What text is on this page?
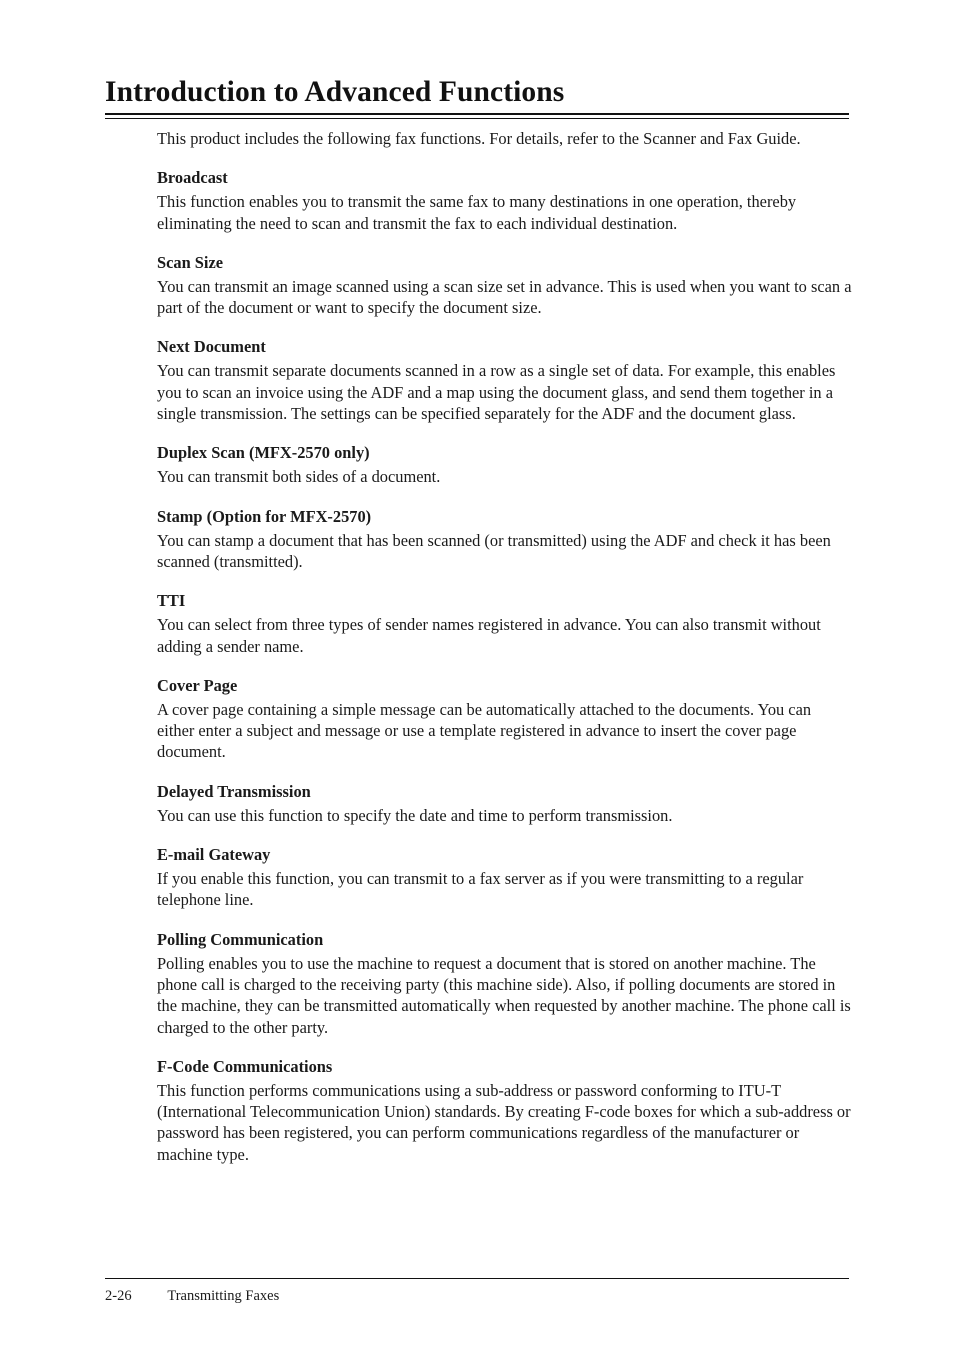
Introduction to Advanced Functions

This product includes the following fax functions. For details, refer to the Scanner and Fax Guide.

Broadcast

This function enables you to transmit the same fax to many destinations in one operation, thereby eliminating the need to scan and transmit the fax to each individual destination.

Scan Size

You can transmit an image scanned using a scan size set in advance. This is used when you want to scan a part of the document or want to specify the document size.

Next Document

You can transmit separate documents scanned in a row as a single set of data. For example, this enables you to scan an invoice using the ADF and a map using the document glass, and send them together in a single transmission. The settings can be specified separately for the ADF and the document glass.

Duplex Scan (MFX-2570 only)

You can transmit both sides of a document.

Stamp (Option for MFX-2570)

You can stamp a document that has been scanned (or transmitted) using the ADF and check it has been scanned (transmitted).

TTI

You can select from three types of sender names registered in advance. You can also transmit without adding a sender name.

Cover Page

A cover page containing a simple message can be automatically attached to the documents. You can either enter a subject and message or use a template registered in advance to insert the cover page document.

Delayed Transmission

You can use this function to specify the date and time to perform transmission.

E-mail Gateway

If you enable this function, you can transmit to a fax server as if you were transmitting to a regular telephone line.

Polling Communication

Polling enables you to use the machine to request a document that is stored on another machine. The phone call is charged to the receiving party (this machine side). Also, if polling documents are stored in the machine, they can be transmitted automatically when requested by another machine. The phone call is charged to the other party.

F-Code Communications

This function performs communications using a sub-address or password conforming to ITU-T (International Telecommunication Union) standards. By creating F-code boxes for which a sub-address or password has been registered, you can perform communications regardless of the manufacturer or machine type.

2-26 Transmitting Faxes
